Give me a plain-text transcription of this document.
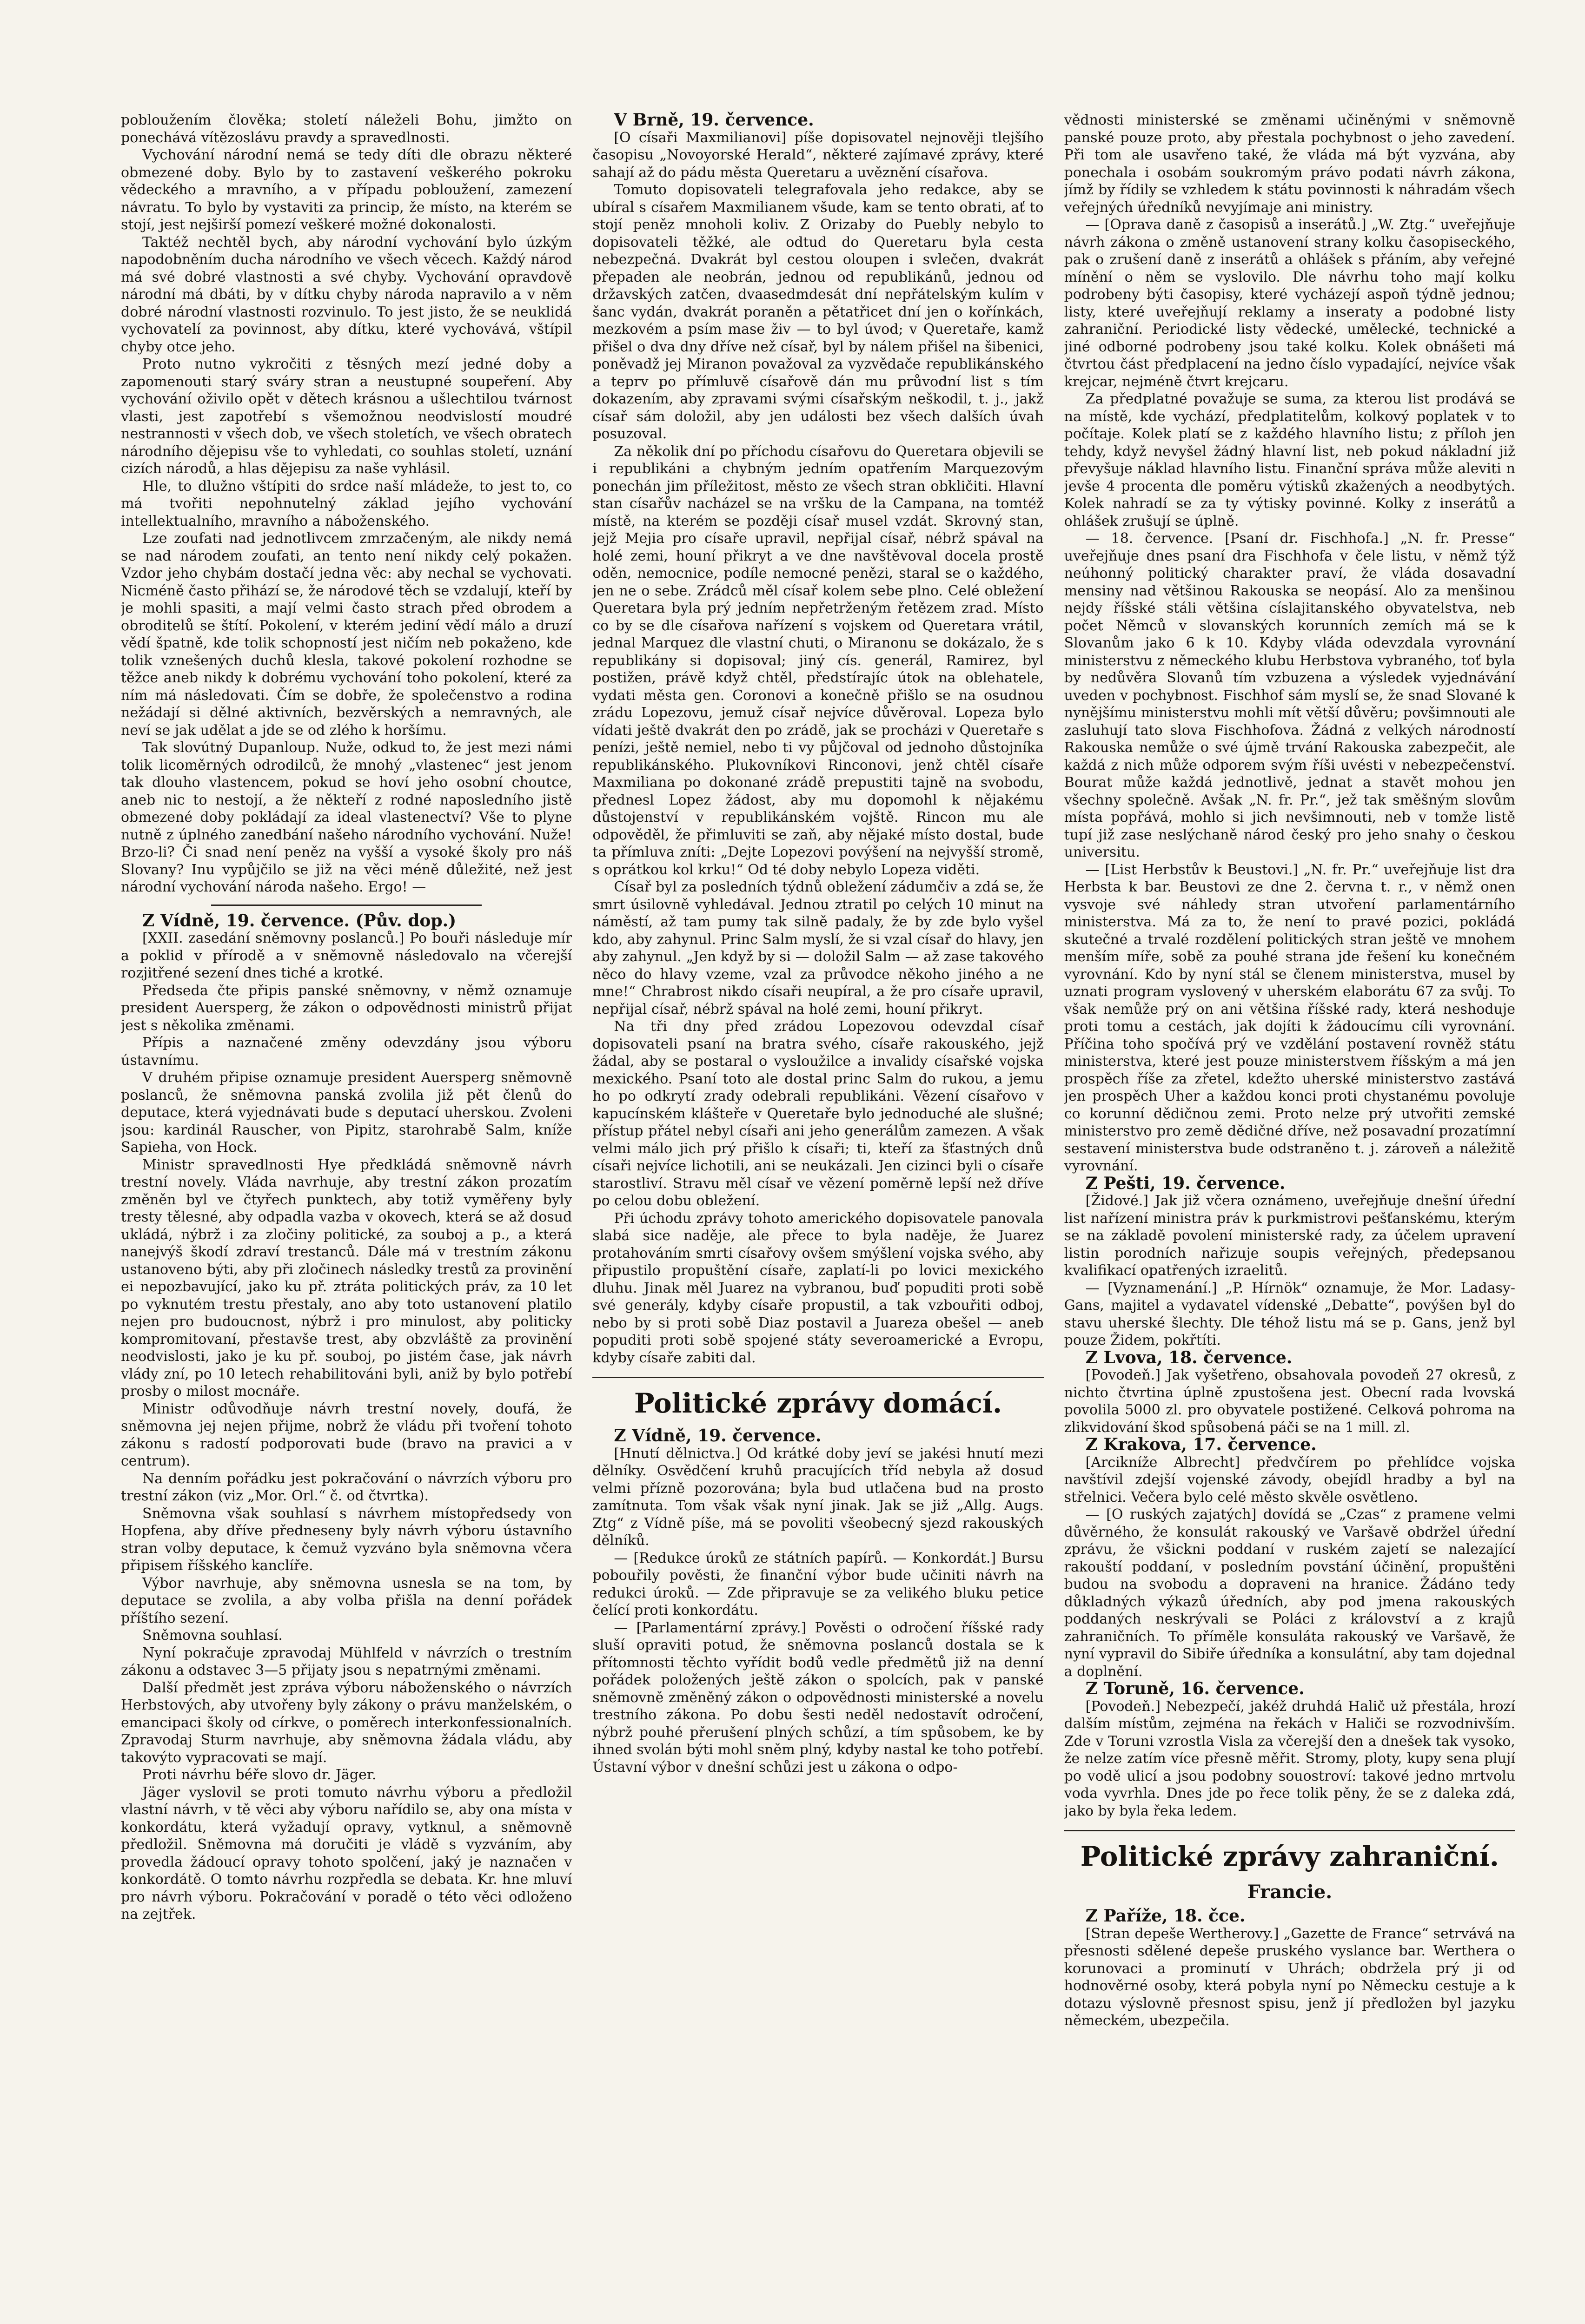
pobloužením člověka; století náleželi Bohu, jimžto on ponechává vítězoslávu pravdy a spravedlnosti.

Vychování národní nemá se tedy díti dle obrazu některé obmezené doby. Bylo by to zastavení veškerého pokroku vědeckého a mravního, a v případu pobloužení, zamezení návratu. To bylo by vystaviti za princip, že místo, na kterém se stojí, jest nejširší pomezí veškeré možné dokonalosti.

Taktéž nechtěl bych, aby národní vychování bylo úzkým napodobněním ducha národního ve všech věcech. Každý národ má své dobré vlastnosti a své chyby. Vychování opravdově národní má dbáti, by v dítku chyby národa napravilo a v něm dobré národní vlastnosti rozvinulo. To jest jisto, že se neuklidá vychovatelí za povinnost, aby dítku, které vychovává, vštípil chyby otce jeho.

Proto nutno vykročiti z těsných mezí jedné doby a zapomenouti starý sváry stran a neustupné soupeření. Aby vychování oživilo opět v dětech krásnou a ušlechtilou tvárnost vlasti, jest zapotřebí s všemožnou neodvislostí moudré nestrannosti v všech dob, ve všech stoletích, ve všech obratech národního dějepisu vše to vyhledati, co souhlas století, uznání cizích národů, a hlas dějepisu za naše vyhlásil.

Hle, to dlužno vštípiti do srdce naší mládeže, to jest to, co má tvořiti nepohnutelný základ jejího vychování intellektualního, mravního a náboženského.

Lze zoufati nad jednotlivcem zmrzačeným, ale nikdy nemá se nad národem zoufati, an tento není nikdy celý pokažen. Vzdor jeho chybám dostačí jedna věc: aby nechal se vychovati. Nicméně často přihází se, že národové těch se vzdalují, kteří by je mohli spasiti, a mají velmi často strach před obrodem a obroditelů se štítí. Pokolení, v kterém jediní vědí málo a druzí vědí špatně, kde tolik schopností jest ničím neb pokaženo, kde tolik vznešených duchů klesla, takové pokolení rozhodne se těžce aneb nikdy k dobrému vychování toho pokolení, které za ním má následovati. Čím se dobře, že společenstvo a rodina nežádají si dělné aktivních, bezvěrských a nemravných, ale neví se jak udělat a jde se od zlého k horšímu.

Tak slovútný Dupanloup. Nuže, odkud to, že jest mezi námi tolik licoměrných odrodilců, že mnohý „vlastenec“ jest jenom tak dlouho vlastencem, pokud se hoví jeho osobní choutce, aneb nic to nestojí, a že někteří z rodné naposledního jistě obmezené doby pokládají za ideal vlastenectví? Vše to plyne nutně z úplného zanedbání našeho národního vychování. Nuže! Brzo-li? Či snad není peněz na vyšší a vysoké školy pro náš Slovany? Inu vypůjčilo se již na věci méně důležité, než jest národní vychování národa našeho. Ergo! —

Z Vídně, 19. července. (Pův. dop.)

[XXII. zasedání sněmovny poslanců.] Po bouři následuje mír a poklid v přírodě a v sněmovně následovalo na včerejší rozjitřené sezení dnes tiché a krotké.

Předseda čte připis panské sněmovny, v němž oznamuje president Auersperg, že zákon o odpovědnosti ministrů přijat jest s několika změnami.

Přípis a naznačené změny odevzdány jsou výboru ústavnímu.

V druhém připise oznamuje president Auersperg sněmovně poslanců, že sněmovna panská zvolila již pět členů do deputace, která vyjednávati bude s deputací uherskou. Zvoleni jsou: kardinál Rauscher, von Pipitz, starohrabě Salm, kníže Sapieha, von Hock.

Ministr spravedlnosti Hye předkládá sněmovně návrh trestní novely. Vláda navrhuje, aby trestní zákon prozatím změněn byl ve čtyřech punktech, aby totiž vyměřeny byly tresty tělesné, aby odpadla vazba v okovech, která se až dosud ukládá, nýbrž i za zločiny politické, za souboj a p., a která nanejvýš škodí zdraví trestanců. Dále má v trestním zákonu ustanoveno býti, aby při zločinech následky trestů za provinění ei nepozbavující, jako ku př. ztráta politických práv, za 10 let po vyknutém trestu přestaly, ano aby toto ustanovení platilo nejen pro budoucnost, nýbrž i pro minulost, aby politicky kompromitovaní, přestavše trest, aby obzvláště za provinění neodvislosti, jako je ku př. souboj, po jistém čase, jak návrh vlády zní, po 10 letech rehabilitováni byli, aniž by bylo potřebí prosby o milost mocnáře.

Ministr odůvodňuje návrh trestní novely, doufá, že sněmovna jej nejen přijme, nobrž že vládu při tvoření tohoto zákonu s radostí podporovati bude (bravo na pravici a v centrum).

Na denním pořádku jest pokračování o návrzích výboru pro trestní zákon (viz „Mor. Orl.“ č. od čtvrtka).

Sněmovna však souhlasí s návrhem místopředsedy von Hopfena, aby dříve předneseny byly návrh výboru ústavního stran volby deputace, k čemuž vyzváno byla sněmovna včera připisem říšského kanclíře.

Výbor navrhuje, aby sněmovna usnesla se na tom, by deputace se zvolila, a aby volba přišla na denní pořádek příštího sezení.

Sněmovna souhlasí.

Nyní pokračuje zpravodaj Mühlfeld v návrzích o trestním zákonu a odstavec 3—5 přijaty jsou s nepatrnými změnami.

Další předmět jest zpráva výboru náboženského o návrzích Herbstových, aby utvořeny byly zákony o právu manželském, o emancipaci školy od církve, o poměrech interkonfessionalních. Zpravodaj Sturm navrhuje, aby sněmovna žádala vládu, aby takovýto vypracovati se mají.

Proti návrhu béře slovo dr. Jäger.

Jäger vyslovil se proti tomuto návrhu výboru a předložil vlastní návrh, v tě věci aby výboru nařídilo se, aby ona místa v konkordátu, která vyžadují opravy, vytknul, a sněmovně předložil. Sněmovna má doručiti je vládě s vyzváním, aby provedla žádoucí opravy tohoto spolčení, jaký je naznačen v konkordátě. O tomto návrhu rozpředla se debata. Kr. hne mluví pro návrh výboru. Pokračování v poradě o této věci odloženo na zejtřek.

V Brně, 19. července.

[O císaři Maxmilianovi] píše dopisovatel nejnověji tlejšího časopisu „Novoyorské Herald“, některé zajímavé zprávy, které sahají až do pádu města Queretaru a uvěznění císařova.

Tomuto dopisovateli telegrafovala jeho redakce, aby se ubíral s císařem Maxmilianem všude, kam se tento obrati, ať to stojí peněz mnoholi koliv. Z Orizaby do Puebly nebylo to dopisovateli těžké, ale odtud do Queretaru byla cesta nebezpečná. Dvakrát byl cestou oloupen i svlečen, dvakrát přepaden ale neobrán, jednou od republikánů, jednou od državských zatčen, dvaasedmdesát dní nepřátelským kulím v šanc vydán, dvakrát poraněn a pětatřicet dní jen o kořínkách, mezkovém a psím mase živ — to byl úvod; v Queretaře, kamž přišel o dva dny dříve než císař, byl by nálem přišel na šibenici, poněvadž jej Miranon považoval za vyzvědače republikánského a teprv po přímluvě císařově dán mu průvodní list s tím dokazením, aby zpravami svými císařským neškodil, t. j., jakž císař sám doložil, aby jen události bez všech dalších úvah posuzoval.

Za několik dní po příchodu císařovu do Queretara objevili se i republikáni a chybným jedním opatřením Marquezovým ponechán jim příležitost, město ze všech stran obkličiti. Hlavní stan císařův nacházel se na vršku de la Campana, na tomtéž místě, na kterém se později císař musel vzdát. Skrovný stan, jejž Mejia pro císaře upravil, nepřijal císař, nébrž spával na holé zemi, houní přikryt a ve dne navštěvoval docela prostě oděn, nemocnice, podíle nemocné penězi, staral se o každého, jen ne o sebe. Zrádců měl císař kolem sebe plno. Celé obležení Queretara byla prý jedním nepřetrženým řetězem zrad. Místo co by se dle císařova nařízení s vojskem od Queretara vrátil, jednal Marquez dle vlastní chuti, o Miranonu se dokázalo, že s republikány si dopisoval; jiný cís. generál, Ramirez, byl postižen, právě když chtěl, předstírajíc útok na oblehatele, vydati města gen. Coronovi a konečně přišlo se na osudnou zrádu Lopezovu, jemuž císař nejvíce důvěroval. Lopeza bylo vídati ještě dvakrát den po zrádě, jak se procházi v Queretaře s penízi, ještě nemiel, nebo ti vy půjčoval od jednoho důstojníka republikánského. Plukovníkovi Rinconovi, jenž chtěl císaře Maxmiliana po dokonané zrádě prepustiti tajně na svobodu, přednesl Lopez žádost, aby mu dopomohl k nějakému důstojenství v republikánském vojště. Rincon mu ale odpověděl, že přimluviti se zaň, aby nějaké místo dostal, bude ta přímluva zníti: „Dejte Lopezovi povýšení na nejvyšší stromě, s oprátkou kol krku!“ Od té doby nebylo Lopeza viděti.

Císař byl za posledních týdnů obležení zádumčiv a zdá se, že smrt úsilovně vyhledával. Jednou ztratil po celých 10 minut na náměstí, až tam pumy tak silně padaly, že by zde bylo vyšel kdo, aby zahynul. Princ Salm myslí, že si vzal císař do hlavy, jen aby zahynul. „Jen když by si — doložil Salm — až zase takového něco do hlavy vzeme, vzal za průvodce někoho jiného a ne mne!“ Chrabrost nikdo císaři neupíral, a že pro císaře upravil, nepřijal císař, nébrž spával na holé zemi, houní přikryt.

Na tři dny před zrádou Lopezovou odevzdal císař dopisovateli psaní na bratra svého, císaře rakouského, jejž žádal, aby se postaral o vysloužilce a invalidy císařské vojska mexického. Psaní toto ale dostal princ Salm do rukou, a jemu ho po odkrytí zrady odebrali republikáni. Vězení císařovo v kapucínském klášteře v Queretaře bylo jednoduché ale slušné; přístup přátel nebyl císaři ani jeho generálům zamezen. A však velmi málo jich prý přišlo k císaři; ti, kteří za šťastných dnů císaři nejvíce lichotili, ani se neukázali. Jen cizinci byli o císaře starostliví. Stravu měl císař ve vězení poměrně lepší než dříve po celou dobu obležení.

Při úchodu zprávy tohoto amerického dopisovatele panovala slabá sice naděje, ale přece to byla naděje, že Juarez protahováním smrti císařovy ovšem smýšlení vojska svého, aby připustilo propuštění císaře, zaplatí-li po lovici mexického dluhu. Jinak měl Juarez na vybranou, buď popuditi proti sobě své generály, kdyby císaře propustil, a tak vzbouřiti odboj, nebo by si proti sobě Diaz postavil a Juareza obešel — aneb popuditi proti sobě spojené státy severoamerické a Evropu, kdyby císaře zabiti dal.

Politické zprávy domácí.

Z Vídně, 19. července.

[Hnutí dělnictva.] Od krátké doby jeví se jakési hnutí mezi dělníky. Osvědčení kruhů pracujících tříd nebyla až dosud velmi přízně pozorována; byla bud utlačena bud na prosto zamítnuta. Tom však však nyní jinak. Jak se již „Allg. Augs. Ztg“ z Vídně píše, má se povoliti všeobecný sjezd rakouských dělníků.

— [Redukce úroků ze státních papírů. — Konkordát.] Bursu pobouřily pověsti, že finanční výbor bude učiniti návrh na redukci úroků. — Zde připravuje se za velikého bluku petice čelící proti konkordátu.

— [Parlamentární zprávy.] Pověsti o odročení říšské rady sluší opraviti potud, že sněmovna poslanců dostala se k přítomnosti těchto vyřídit bodů vedle předmětů již na denní pořádek položených ještě zákon o spolcích, pak v panské sněmovně změněný zákon o odpovědnosti ministerské a novelu trestního zákona. Po dobu šesti neděl nedostavít odročení, nýbrž pouhé přerušení plných schůzí, a tím spůsobem, ke by ihned svolán býti mohl sněm plný, kdyby nastal ke toho potřebí. Ústavní výbor v dnešní schůzi jest u zákona o odpo-

vědnosti ministerské se změnami učiněnými v sněmovně panské pouze proto, aby přestala pochybnost o jeho zavedení. Při tom ale usavřeno také, že vláda má být vyzvána, aby ponechala i osobám soukromým právo podati návrh zákona, jímž by řídily se vzhledem k státu povinnosti k náhradám všech veřejných úředníků nevyjímaje ani ministry.

— [Oprava daně z časopisů a inserátů.] „W. Ztg.“ uveřejňuje návrh zákona o změně ustanovení strany kolku časopiseckého, pak o zrušení daně z inserátů a ohlášek s přáním, aby veřejné mínění o něm se vyslovilo. Dle návrhu toho mají kolku podrobeny býti časopisy, které vycházejí aspoň týdně jednou; listy, které uveřejňují reklamy a inseraty a podobné listy zahraniční. Periodické listy vědecké, umělecké, technické a jiné odborné podrobeny jsou také kolku. Kolek obnášeti má čtvrtou část předplacení na jedno číslo vypadající, nejvíce však krejcar, nejméně čtvrt krejcaru.

Za předplatné považuje se suma, za kterou list prodává se na místě, kde vychází, předplatitelům, kolkový poplatek v to počítaje. Kolek platí se z každého hlavního listu; z příloh jen tehdy, když nevyšel žádný hlavní list, neb pokud nákladní již převyšuje náklad hlavního listu. Finanční správa může aleviti n jevše 4 procenta dle poměru výtisků zkažených a neodbytých. Kolek nahradí se za ty výtisky povinné. Kolky z inserátů a ohlášek zrušují se úplně.

— 18. července. [Psaní dr. Fischhofa.] „N. fr. Presse“ uveřejňuje dnes psaní dra Fischhofa v čele listu, v němž týž neúhonný politický charakter praví, že vláda dosavadní mensiny nad většinou Rakouska se neopásí. Alo za menšinou nejdy říšské stáli většina císlajitanského obyvatelstva, neb počet Němců v slovanských korunních zemích má se k Slovanům jako 6 k 10. Kdyby vláda odevzdala vyrovnání ministerstvu z německého klubu Herbstova vybraného, toť byla by nedůvěra Slovanů tím vzbuzena a výsledek vyjednávání uveden v pochybnost. Fischhof sám myslí se, že snad Slované k nynějšímu ministerstvu mohli mít větší důvěru; povšimnouti ale zasluhují tato slova Fischhofova. Žádná z velkých národností Rakouska nemůže o své újmě trvání Rakouska zabezpečit, ale každá z nich může odporem svým říši uvésti v nebezpečenství. Bourat může každá jednotlivě, jednat a stavět mohou jen všechny společně. Avšak „N. fr. Pr.“, jež tak směšným slovům místa popřává, mohlo si jich nevšimnouti, neb v tomže listě tupí již zase neslýchaně národ český pro jeho snahy o českou universitu.

— [List Herbstův k Beustovi.] „N. fr. Pr.“ uveřejňuje list dra Herbsta k bar. Beustovi ze dne 2. června t. r., v němž onen vysvoje své náhledy stran utvoření parlamentárního ministerstva. Má za to, že není to pravé pozici, pokládá skutečné a trvalé rozdělení politických stran ještě ve mnohem menším míře, sobě za pouhé strana jde řešení ku konečném vyrovnání. Kdo by nyní stál se členem ministerstva, musel by uznati program vyslovený v uherském elaborátu 67 za svůj. To však nemůže prý on ani většina říšské rady, která neshoduje proti tomu a cestách, jak dojíti k žádoucímu cíli vyrovnání. Příčina toho spočívá prý ve vzdělání postavení rovněž státu ministerstva, které jest pouze ministerstvem říšským a má jen prospěch říše za zřetel, kdežto uherské ministerstvo zastává jen prospěch Uher a každou konci proti chystanému povoluje co korunní dědičnou zemi. Proto nelze prý utvořiti zemské ministerstvo pro země dědičné dříve, než posavadní prozatímní sestavení ministerstva bude odstraněno t. j. zároveň a náležitě vyrovnání.

Z Pešti, 19. července.

[Židové.] Jak již včera oznámeno, uveřejňuje dnešní úřední list nařízení ministra práv k purkmistrovi pešťanskému, kterým se na základě povolení ministerské rady, za účelem upravení listin porodních nařizuje soupis veřejných, předepsanou kvalifikací opatřených izraelitů.

— [Vyznamenání.] „P. Hírnök“ oznamuje, že Mor. Ladasy-Gans, majitel a vydavatel vídenské „Debatte“, povýšen byl do stavu uherské šlechty. Dle téhož listu má se p. Gans, jenž byl pouze Židem, pokřtíti.

Z Lvova, 18. července.

[Povodeň.] Jak vyšetřeno, obsahovala povodeň 27 okresů, z nichto čtvrtina úplně zpustošena jest. Obecní rada lvovská povolila 5000 zl. pro obyvatele postižené. Celková pohroma na zlikvidování škod spůsobená páči se na 1 mill. zl.

Z Krakova, 17. července.

[Arcikníže Albrecht] předvčírem po přehlídce vojska navštívil zdejší vojenské závody, obejídl hradby a byl na střelnici. Večera bylo celé město skvěle osvětleno.

— [O ruských zajatých] dovídá se „Czas“ z pramene velmi důvěrného, že konsulát rakouský ve Varšavě obdržel úřední zprávu, že všickni poddaní v ruském zajetí se nalezající rakouští poddaní, v posledním povstání účinění, propuštěni budou na svobodu a dopraveni na hranice. Žádáno tedy důkladných výkazů úředních, aby pod jmena rakouských poddaných neskrývali se Poláci z království a z krajů zahraničních. To příměle konsuláta rakouský ve Varšavě, že nyní vypravil do Sibiře úředníka a konsulátní, aby tam dojednal a doplnění.

Z Toruně, 16. července.

[Povodeň.] Nebezpečí, jakéž druhdá Halič už přestála, hrozí dalším místům, zejména na řekách v Haliči se rozvodnivším. Zde v Toruni vzrostla Visla za včerejší den a dnešek tak vysoko, že nelze zatím více přesně měřit. Stromy, ploty, kupy sena plují po vodě ulicí a jsou podobny souostroví: takové jedno mrtvolu voda vyvrhla. Dnes jde po řece tolik pěny, že se z daleka zdá, jako by byla řeka ledem.

Politické zprávy zahraniční.
Francie.

Z Paříže, 18. čce.

[Stran depeše Wertherovy.] „Gazette de France“ setrvává na přesnosti sdělené depeše pruského vyslance bar. Werthera o korunovaci a prominutí v Uhrách; obdržela prý ji od hodnověrné osoby, která pobyla nyní po Německu cestuje a k dotazu výslovně přesnost spisu, jenž jí předložen byl jazyku německém, ubezpečila.
